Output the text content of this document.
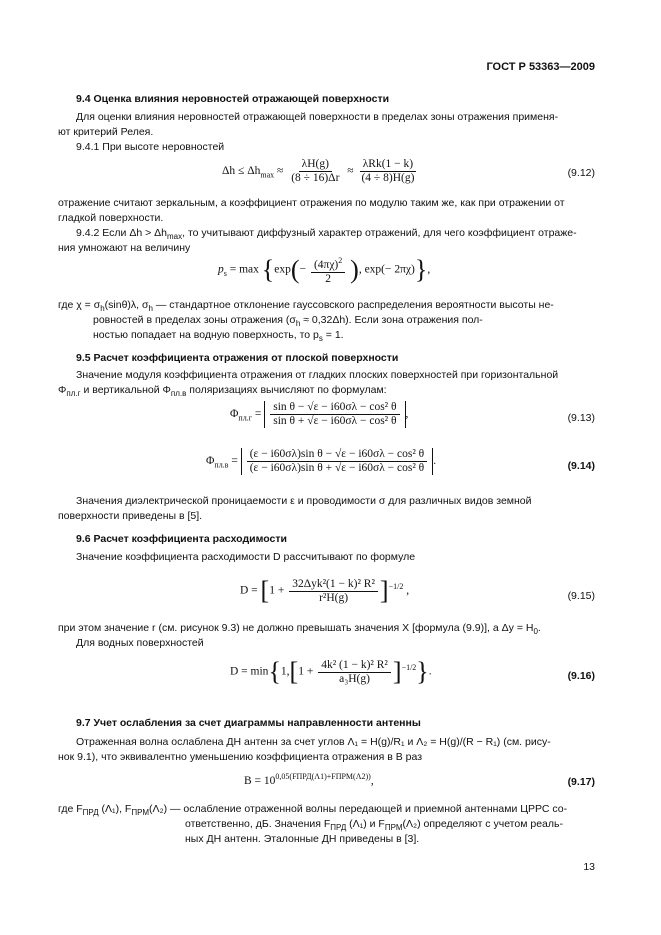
ГОСТ Р 53363—2009
9.4 Оценка влияния неровностей отражающей поверхности
Для оценки влияния неровностей отражающей поверхности в пределах зоны отражения применя-
ют критерий Релея.
9.4.1 При высоте неровностей
$\Delta h \le \Delta h_{max} \approx \frac{\lambda H(g)}{(8 \div 16)\Delta r}$ ≈
λRk(1 − k)
(4 ÷ 8)H(g)	(9.12)
отражение считают зеркальным, а коэффициент отражения по модулю таким же, как при отражении от
гладкой поверхности.
9.4.2 Если $\Delta h > \Delta h_{max}$, то учитывают диффузный характер отражений, для чего коэффициент отраже-
ния умножают на величину
$p_s = \max \{\exp(- \frac{(4\pi\chi)^2}{2}$ ), exp(− 2πχ)},
где $\chi = \sigma_h(\sin\theta)\lambda$, $\sigma_h$ — стандартное отклонение гауссовского распределения вероятности высоты не-
ровностей в пределах зоны отражения $(\sigma_h \approx 0,32\Delta h)$. Если зона отражения пол-
ностью попадает на водную поверхность, то $p_s = 1$.
9.5 Расчет коэффициента отражения от плоской поверхности
Значение модуля коэффициента отражения от гладких плоских поверхностей при горизонтальной
$\Phi_{пл.г}$ и вертикальной $\Phi_{пл.в}$ поляризациях вычисляют по формулам:
$\Phi_{пл.г} = \frac{\text{sin θ − √ε − i60σλ − cos² θ}}{\text{sin θ + √ε − i60σλ − cos² θ}}$ ,	(9.13)
$\Phi_{пл.в} = \frac{\text{(ε − i60σλ)sin θ − √ε − i60σλ − cos² θ}}{\text{(ε − i60σλ)sin θ + √ε − i60σλ − cos² θ}}$ .	(9.14)
Значения диэлектрической проницаемости ε и проводимости σ для различных видов земной
поверхности приведены в [5].
9.6 Расчет коэффициента расходимости
Значение коэффициента расходимости D рассчитывают по формуле
D = [1 +
32Δyk²(1 − k)² R²
r²H(g) ]$^{-1/2}$ ,	(9.15)
при этом значение r (см. рисунок 9.3) не должно превышать значения X [формула (9.9)], а $\Delta y = H_0$.
Для водных поверхностей
$D = \min\{1,[1 + \frac{\text{4k² (1 − k)² R²}}{\text{a₃H(g)}} ]^{-1/2}\}$.	(9.16)
9.7 Учет ослабления за счет диаграммы направленности антенны
Отраженная волна ослаблена ДН антенн за счет углов Λ₁ = H(g)/R₁ и Λ₂ = H(g)/(R − R₁) (см. рису-
нок 9.1), что эквивалентно уменьшению коэффициента отражения в B раз
$B = 10^{0,05(FПРД(\Lambda 1)+FПРМ(\Lambda 2))}$,	(9.17)
где $F_{ПРД}$ (Λ₁), $F_{ПРМ}(\Lambda_2)$ — ослабление отраженной волны передающей и приемной антеннами ЦРРС со-
ответственно, дБ. Значения $F_{ПРД}$ (Λ₁) и $F_{ПРМ}(\Lambda_2)$ определяют с учетом реаль-
ных ДН антенн. Эталонные ДН приведены в [3].
13
